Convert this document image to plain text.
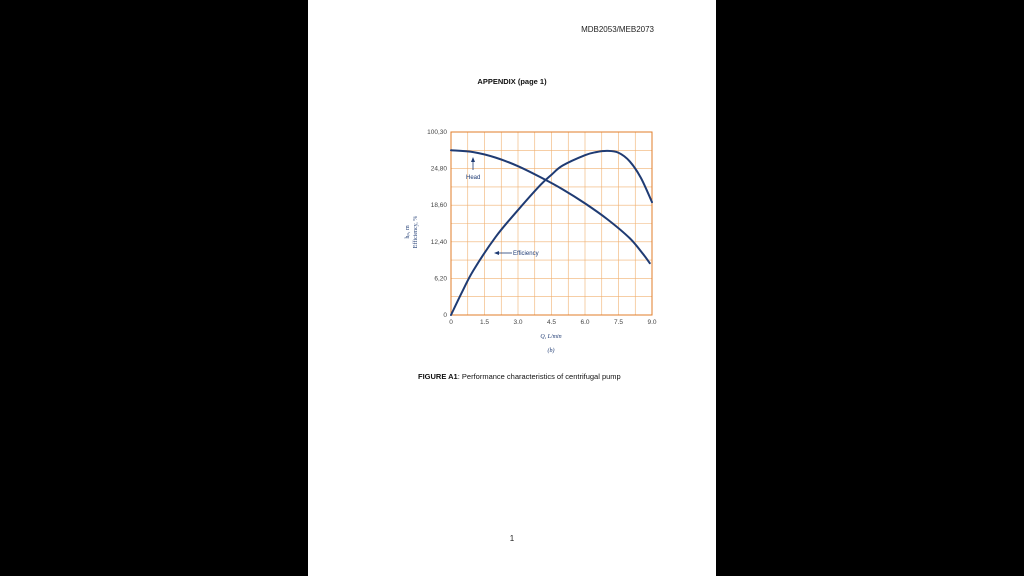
MDB2053/MEB2073
APPENDIX (page 1)
0
6,20
12,40
18,60
24,80
100,30
0	1.5	3.0	4.5	6.0	7.5	9.0
Head
Efficiency
hₚ, m Efficiency, %
Q, L/min
(b)
FIGURE A1: Performance characteristics of centrifugal pump
1
